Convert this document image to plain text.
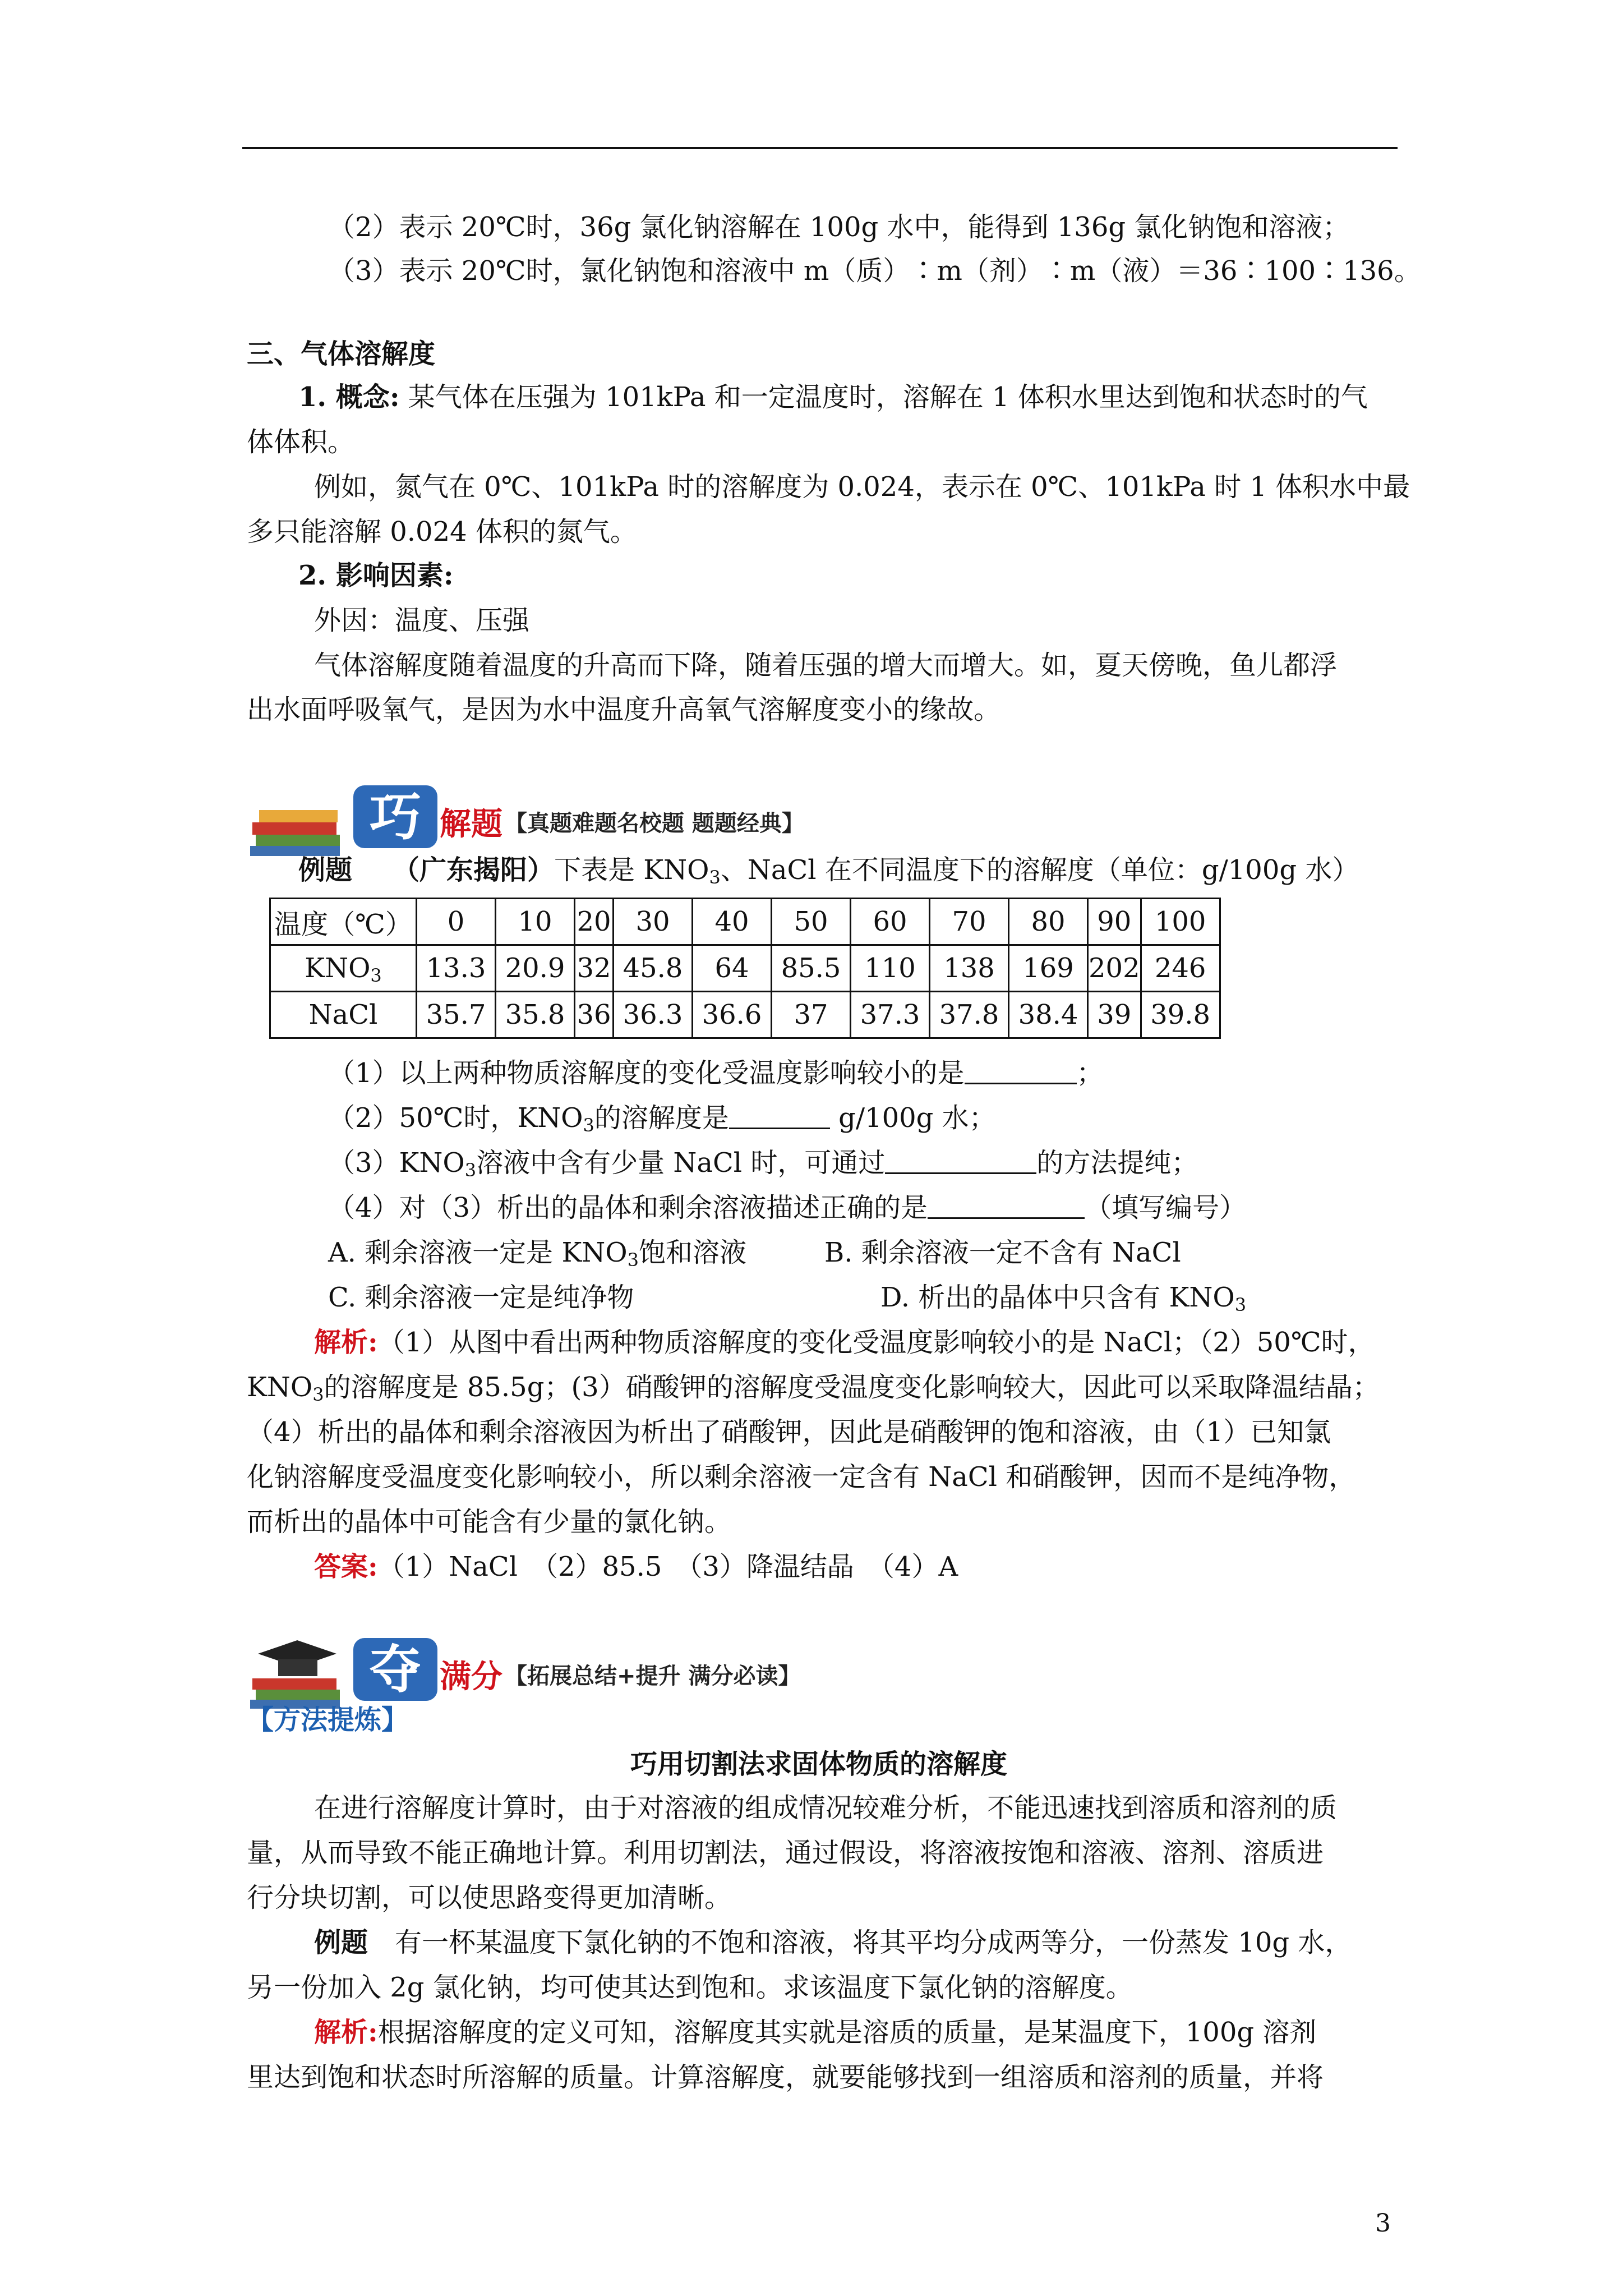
（2）表示 20℃时，36g 氯化钠溶解在 100g 水中，能得到 136g 氯化钠饱和溶液；
（3）表示 20℃时，氯化钠饱和溶液中 m（质）∶m（剂）∶m（液）＝36∶100∶136。
三、气体溶解度
1. 概念: 某气体在压强为 101kPa 和一定温度时，溶解在 1 体积水里达到饱和状态时的气
体体积。
例如，氮气在 0℃、101kPa 时的溶解度为 0.024，表示在 0℃、101kPa 时 1 体积水中最
多只能溶解 0.024 体积的氮气。
2. 影响因素:
外因：温度、压强
气体溶解度随着温度的升高而下降，随着压强的增大而增大。如，夏天傍晚，鱼儿都浮
出水面呼吸氧气，是因为水中温度升高氧气溶解度变小的缘故。
巧 解题 【真题难题名校题 题题经典】
例题　　 （广东揭阳）下表是 $KNO_3$、NaCl 在不同温度下的溶解度（单位：g/100g 水）
温度（℃）	0	10	20	30	40	50	60	70	80	90	100
$KNO_3$	13.3	20.9	32	45.8	64	85.5	110	138	169	202	246
NaCl	35.7	35.8	36	36.3	36.6	37	37.3	37.8	38.4	39	39.8
（1）以上两种物质溶解度的变化受温度影响较小的是	；
（2）50℃时，$KNO_3$的溶解度是	g/100g 水；
$(3)KNO_3$溶液中含有少量 NaCl 时，可通过	的方法提纯；
（4）对（3）析出的晶体和剩余溶液描述正确的是	（填写编号）
A. 剩余溶液一定是 $KNO_3$饱和溶液	B. 剩余溶液一定不含有 NaCl
C. 剩余溶液一定是纯净物	D. 析出的晶体中只含有 $KNO_3$
解析:（1）从图中看出两种物质溶解度的变化受温度影响较小的是 NaCl；（2）50℃时，
$KNO_3$的溶解度是 85.5g；(3）硝酸钾的溶解度受温度变化影响较大，因此可以采取降温结晶；
（4）析出的晶体和剩余溶液因为析出了硝酸钾，因此是硝酸钾的饱和溶液，由（1）已知氯
化钠溶解度受温度变化影响较小，所以剩余溶液一定含有 NaCl 和硝酸钾，因而不是纯净物，
而析出的晶体中可能含有少量的氯化钠。
答案:（1）NaCl　（2）85.5　（3）降温结晶　（4）A
夺 满分 【拓展总结+提升 满分必读】
【方法提炼】
巧用切割法求固体物质的溶解度
在进行溶解度计算时，由于对溶液的组成情况较难分析，不能迅速找到溶质和溶剂的质
量，从而导致不能正确地计算。利用切割法，通过假设，将溶液按饱和溶液、溶剂、溶质进
行分块切割，可以使思路变得更加清晰。
例题　有一杯某温度下氯化钠的不饱和溶液，将其平均分成两等分，一份蒸发 10g 水，
另一份加入 2g 氯化钠，均可使其达到饱和。求该温度下氯化钠的溶解度。
解析:根据溶解度的定义可知，溶解度其实就是溶质的质量，是某温度下，100g 溶剂
里达到饱和状态时所溶解的质量。计算溶解度，就要能够找到一组溶质和溶剂的质量，并将
3
